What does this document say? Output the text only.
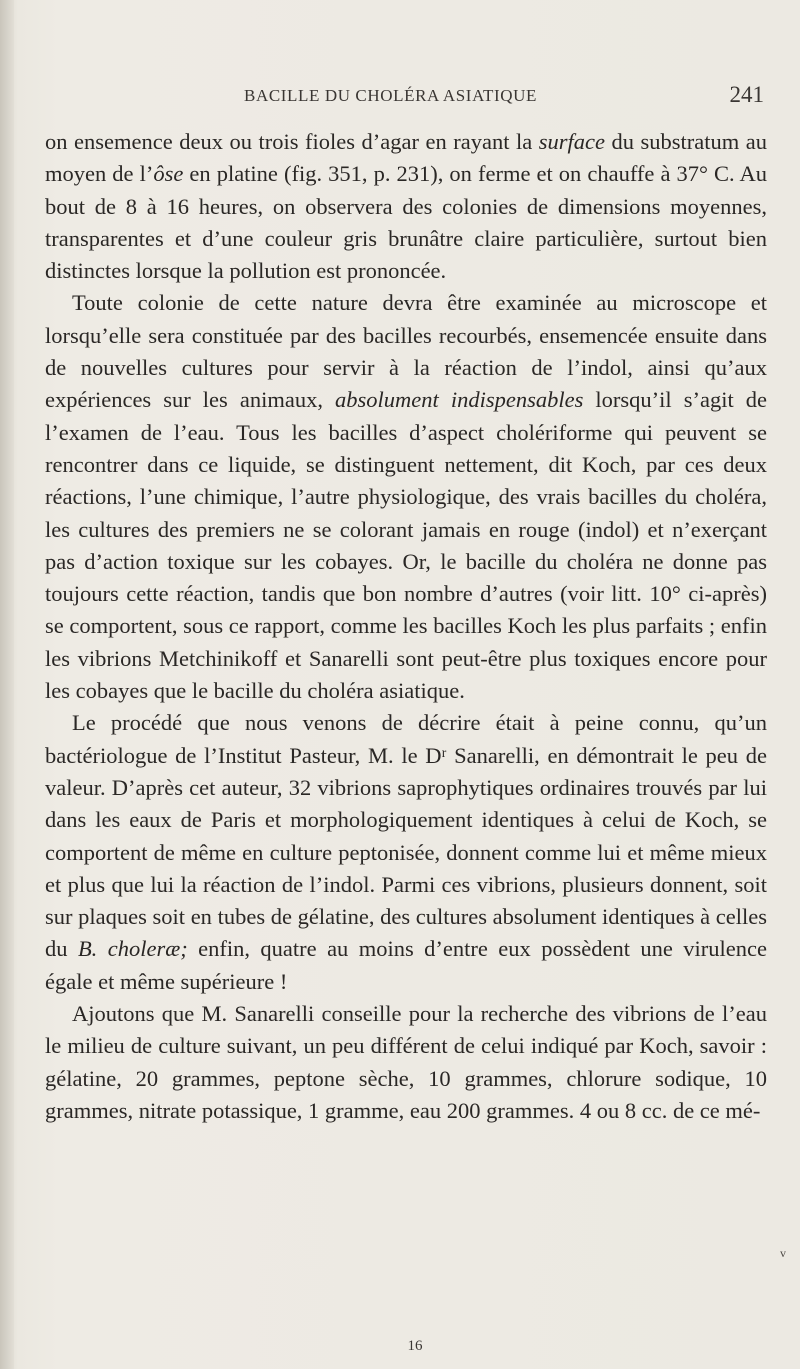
BACILLE DU CHOLÉRA ASIATIQUE	241

on ensemence deux ou trois fioles d’agar en rayant la surface du substratum au moyen de l’ôse en platine (fig. 351, p. 231), on ferme et on chauffe à 37° C. Au bout de 8 à 16 heures, on observera des colonies de dimensions moyennes, transparentes et d’une couleur gris brunâtre claire particulière, surtout bien distinctes lorsque la pollution est prononcée.

Toute colonie de cette nature devra être examinée au microscope et lorsqu’elle sera constituée par des bacilles recourbés, ensemencée ensuite dans de nouvelles cultures pour servir à la réaction de l’indol, ainsi qu’aux expériences sur les animaux, absolument indispensables lorsqu’il s’agit de l’examen de l’eau. Tous les bacilles d’aspect cholériforme qui peuvent se rencontrer dans ce liquide, se distinguent nettement, dit Koch, par ces deux réactions, l’une chimique, l’autre physiologique, des vrais bacilles du choléra, les cultures des premiers ne se colorant jamais en rouge (indol) et n’exerçant pas d’action toxique sur les cobayes. Or, le bacille du choléra ne donne pas toujours cette réaction, tandis que bon nombre d’autres (voir litt. 10° ci-après) se comportent, sous ce rapport, comme les bacilles Koch les plus parfaits ; enfin les vibrions Metchinikoff et Sanarelli sont peut-être plus toxiques encore pour les cobayes que le bacille du choléra asiatique.

Le procédé que nous venons de décrire était à peine connu, qu’un bactériologue de l’Institut Pasteur, M. le Dʳ Sanarelli, en démontrait le peu de valeur. D’après cet auteur, 32 vibrions saprophytiques ordinaires trouvés par lui dans les eaux de Paris et morphologiquement identiques à celui de Koch, se comportent de même en culture peptonisée, donnent comme lui et même mieux et plus que lui la réaction de l’indol. Parmi ces vibrions, plusieurs donnent, soit sur plaques soit en tubes de gélatine, des cultures absolument identiques à celles du B. choleræ; enfin, quatre au moins d’entre eux possèdent une virulence égale et même supérieure !

Ajoutons que M. Sanarelli conseille pour la recherche des vibrions de l’eau le milieu de culture suivant, un peu différent de celui indiqué par Koch, savoir : gélatine, 20 grammes, peptone sèche, 10 grammes, chlorure sodique, 10 grammes, nitrate potassique, 1 gramme, eau 200 grammes. 4 ou 8 cc. de ce mé-

v
16
